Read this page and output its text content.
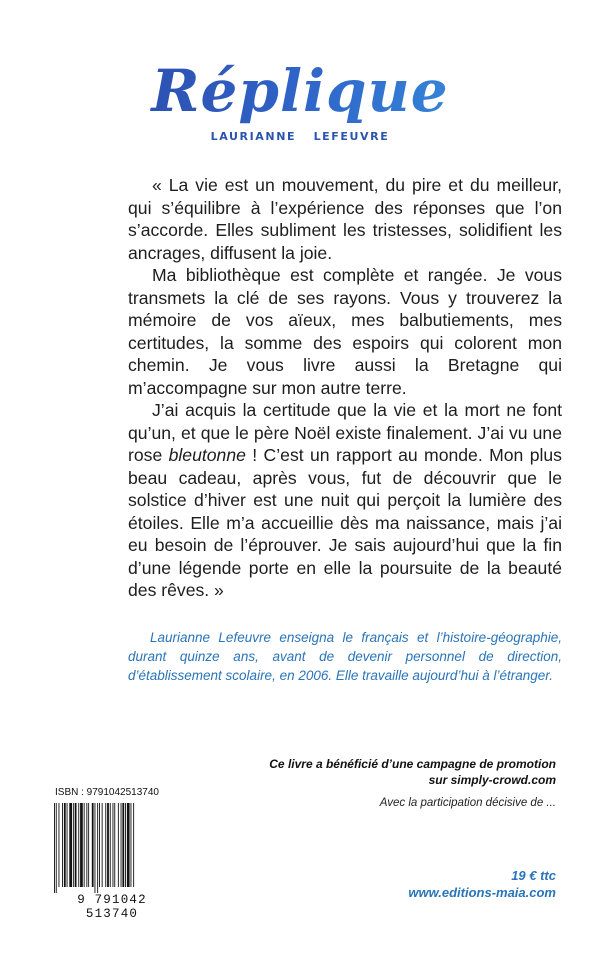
Réplique
LAURIANNE LEFEUVRE

« La vie est un mouvement, du pire et du meilleur, qui s’équilibre à l’expérience des réponses que l’on s’accorde. Elles subliment les tristesses, solidifient les ancrages, diffusent la joie.

Ma bibliothèque est complète et rangée. Je vous transmets la clé de ses rayons. Vous y trouverez la mémoire de vos aïeux, mes balbutiements, mes certitudes, la somme des espoirs qui colorent mon chemin. Je vous livre aussi la Bretagne qui m’accompagne sur mon autre terre.

J’ai acquis la certitude que la vie et la mort ne font qu’un, et que le père Noël existe finalement. J’ai vu une rose bleutonne ! C’est un rapport au monde. Mon plus beau cadeau, après vous, fut de découvrir que le solstice d’hiver est une nuit qui perçoit la lumière des étoiles. Elle m’a accueillie dès ma naissance, mais j’ai eu besoin de l’éprouver. Je sais aujourd’hui que la fin d’une légende porte en elle la poursuite de la beauté des rêves. »

Laurianne Lefeuvre enseigna le français et l’histoire-géographie, durant quinze ans, avant de devenir personnel de direction, d’établissement scolaire, en 2006. Elle travaille aujourd’hui à l’étranger.

Ce livre a bénéficié d’une campagne de promotion

sur simply-crowd.com

Avec la participation décisive de ...

19 € ttc

www.editions-maia.com

ISBN : 9791042513740
9 791042 513740
